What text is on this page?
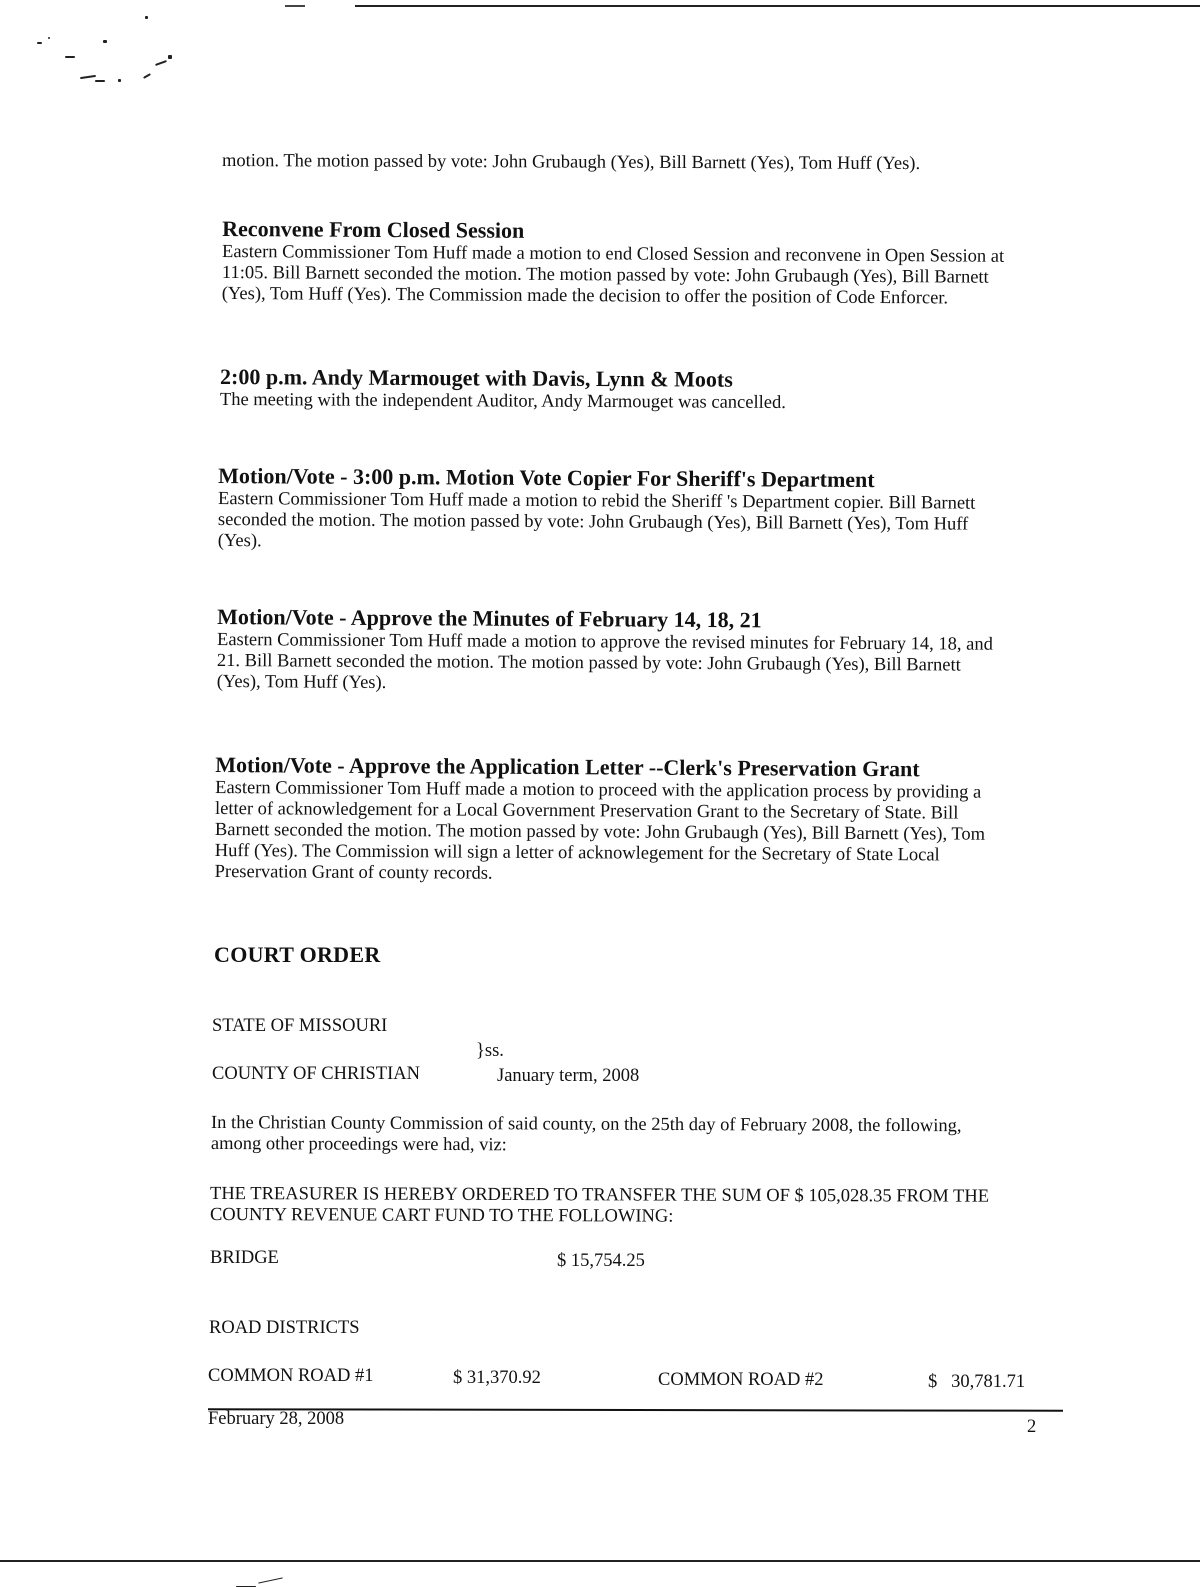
motion. The motion passed by vote: John Grubaugh (Yes), Bill Barnett (Yes), Tom Huff (Yes).
Reconvene From Closed Session
Eastern Commissioner Tom Huff made a motion to end Closed Session and reconvene in Open Session at
11:05. Bill Barnett seconded the motion. The motion passed by vote: John Grubaugh (Yes), Bill Barnett
(Yes), Tom Huff (Yes). The Commission made the decision to offer the position of Code Enforcer.
2:00 p.m. Andy Marmouget with Davis, Lynn & Moots
The meeting with the independent Auditor, Andy Marmouget was cancelled.
Motion/Vote - 3:00 p.m. Motion Vote Copier For Sheriff's Department
Eastern Commissioner Tom Huff made a motion to rebid the Sheriff 's Department copier. Bill Barnett
seconded the motion. The motion passed by vote: John Grubaugh (Yes), Bill Barnett (Yes), Tom Huff
(Yes).
Motion/Vote - Approve the Minutes of February 14, 18, 21
Eastern Commissioner Tom Huff made a motion to approve the revised minutes for February 14, 18, and
21. Bill Barnett seconded the motion. The motion passed by vote: John Grubaugh (Yes), Bill Barnett
(Yes), Tom Huff (Yes).
Motion/Vote - Approve the Application Letter --Clerk's Preservation Grant
Eastern Commissioner Tom Huff made a motion to proceed with the application process by providing a
letter of acknowledgement for a Local Government Preservation Grant to the Secretary of State. Bill
Barnett seconded the motion. The motion passed by vote: John Grubaugh (Yes), Bill Barnett (Yes), Tom
Huff (Yes). The Commission will sign a letter of acknowlegement for the Secretary of State Local
Preservation Grant of county records.
COURT ORDER
STATE OF MISSOURI
}ss.
COUNTY OF CHRISTIAN	January term, 2008
In the Christian County Commission of said county, on the 25th day of February 2008, the following,
among other proceedings were had, viz:
THE TREASURER IS HEREBY ORDERED TO TRANSFER THE SUM OF $ 105,028.35 FROM THE
COUNTY REVENUE CART FUND TO THE FOLLOWING:
BRIDGE	$ 15,754.25
ROAD DISTRICTS
COMMON ROAD #1	$ 31,370.92	COMMON ROAD #2	$   30,781.71
February 28, 2008	2
